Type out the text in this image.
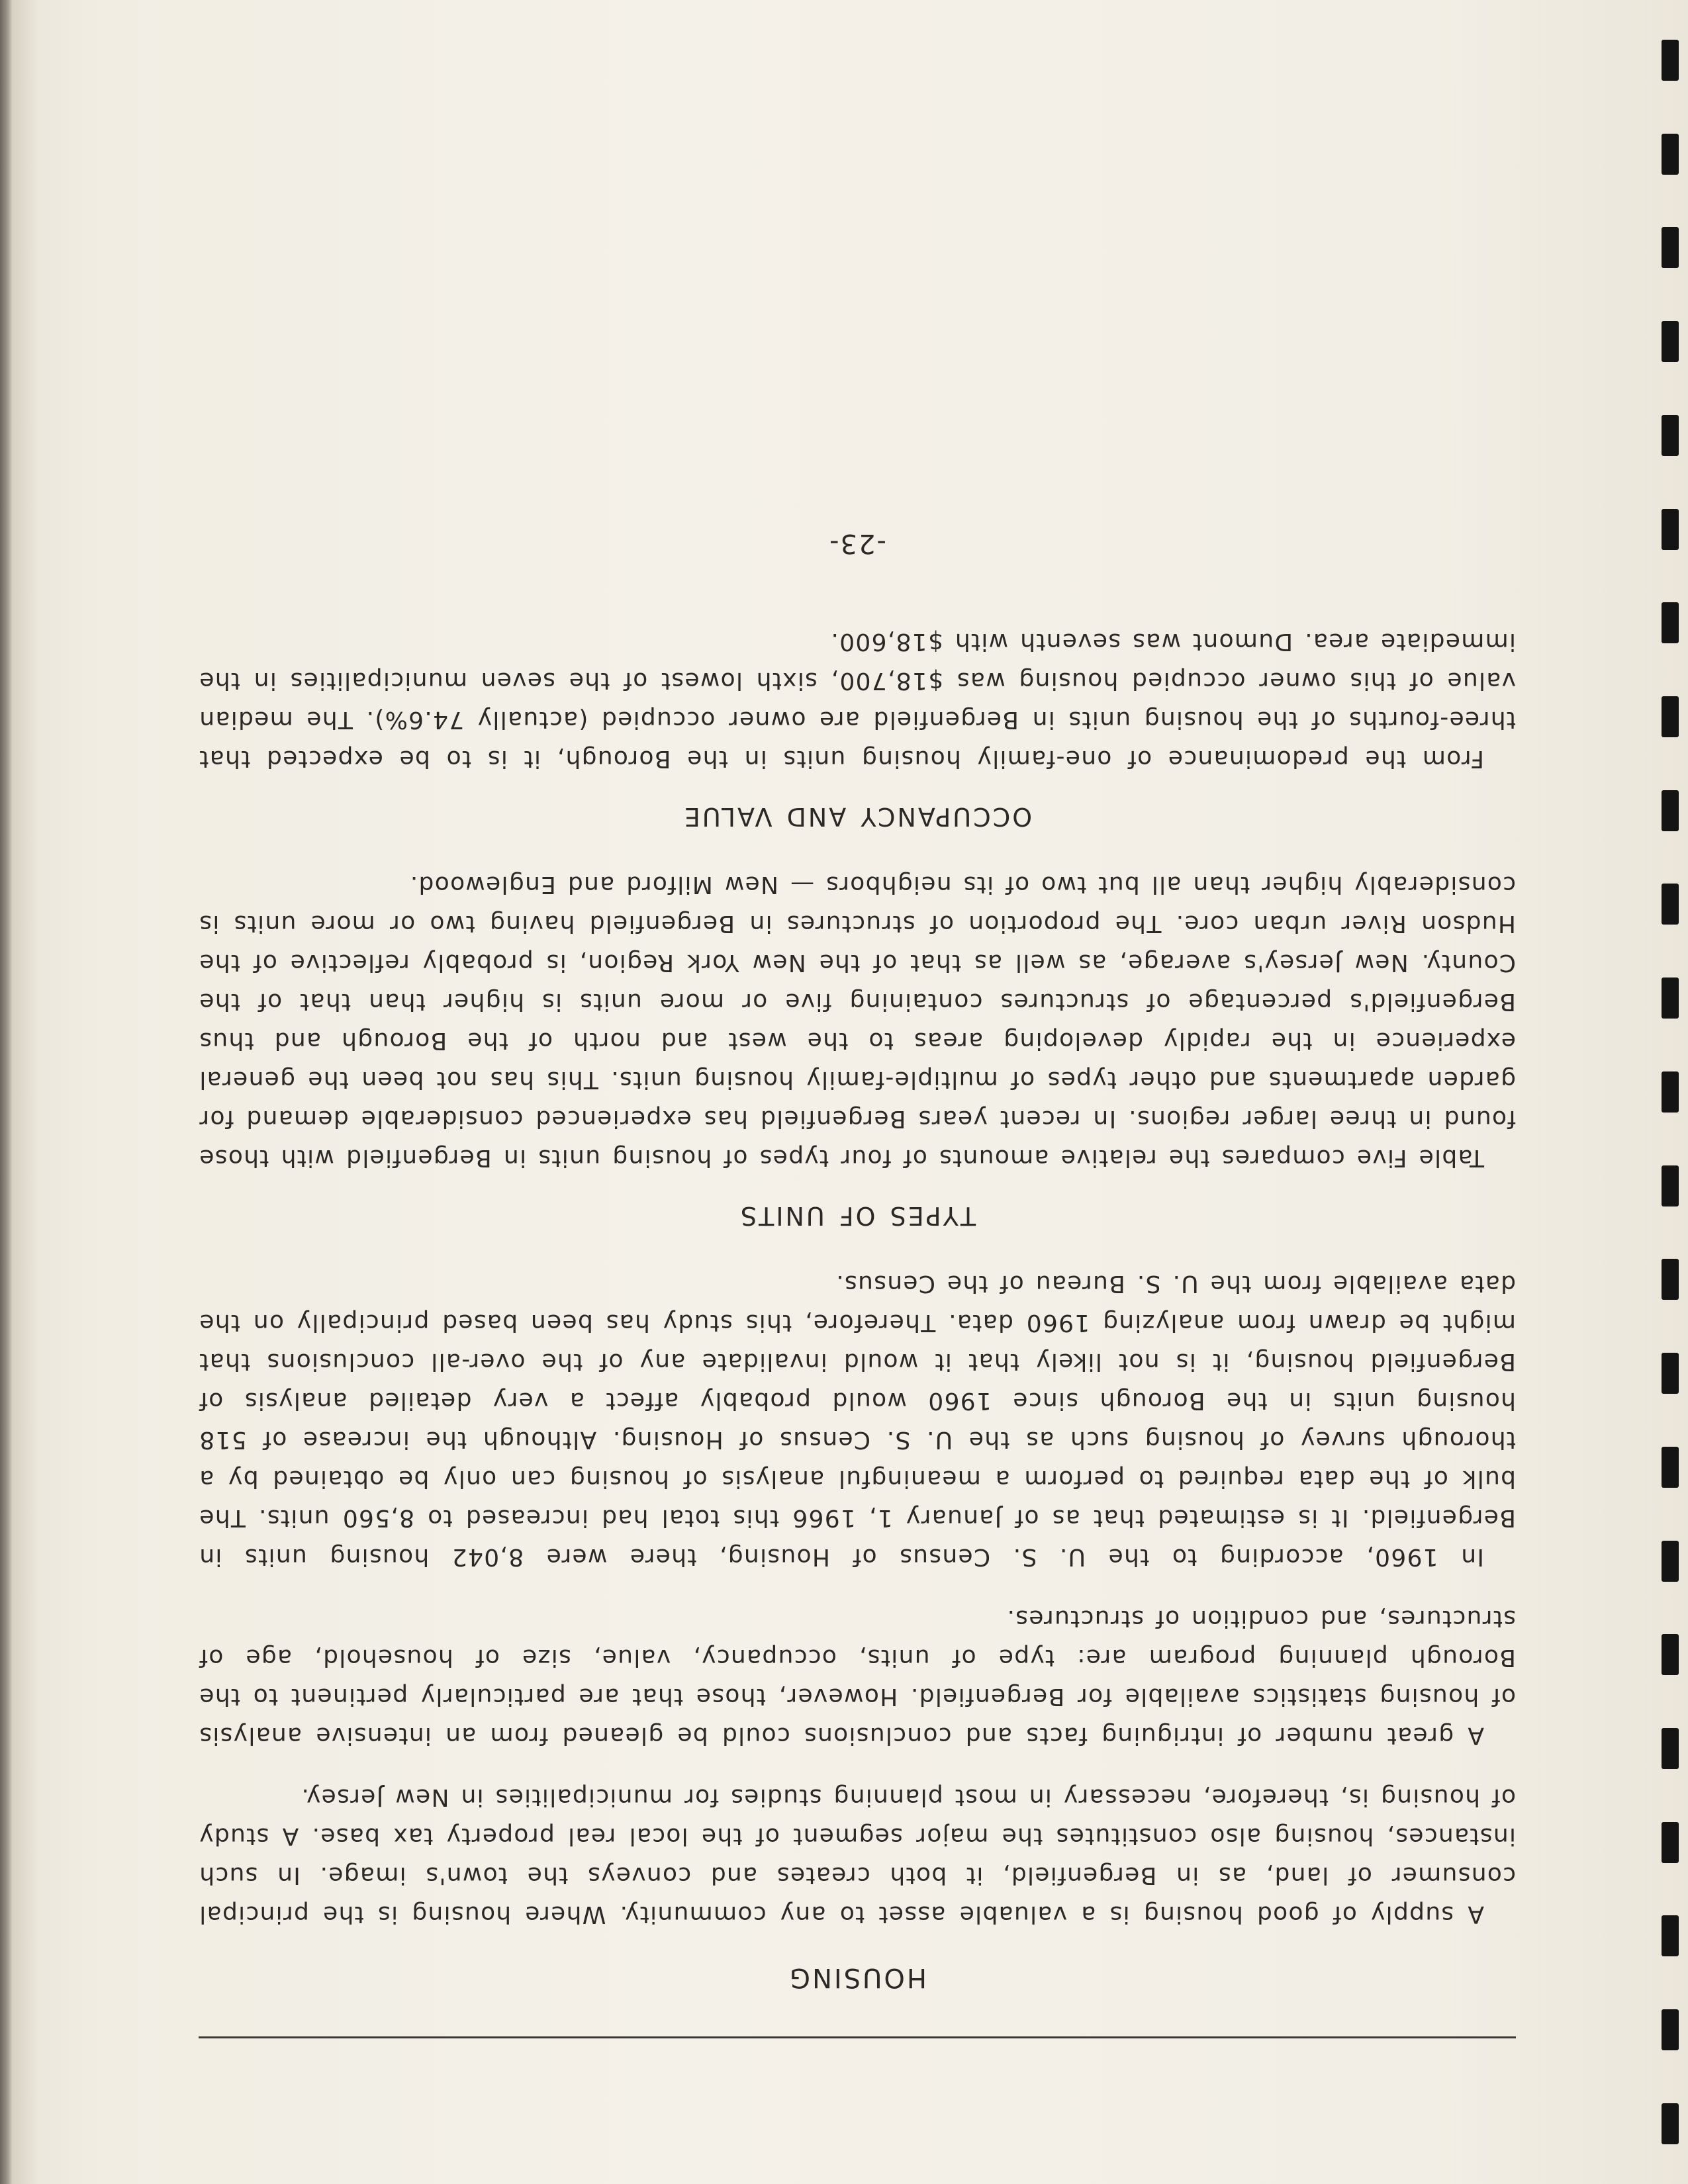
HOUSING

A supply of good housing is a valuable asset to any community. Where housing is the principal consumer of land, as in Bergenfield, it both creates and conveys the town's image. In such instances, housing also constitutes the major segment of the local real property tax base. A study of housing is, therefore, necessary in most planning studies for municipalities in New Jersey.

A great number of intriguing facts and conclusions could be gleaned from an intensive analysis of housing statistics available for Bergenfield. However, those that are particularly pertinent to the Borough planning program are: type of units, occupancy, value, size of household, age of structures, and condition of structures.

In 1960, according to the U. S. Census of Housing, there were 8,042 housing units in Bergenfield. It is estimated that as of January 1, 1966 this total had increased to 8,560 units. The bulk of the data required to perform a meaningful analysis of housing can only be obtained by a thorough survey of housing such as the U. S. Census of Housing. Although the increase of 518 housing units in the Borough since 1960 would probably affect a very detailed analysis of Bergenfield housing, it is not likely that it would invalidate any of the over-all conclusions that might be drawn from analyzing 1960 data. Therefore, this study has been based principally on the data available from the U. S. Bureau of the Census.

TYPES OF UNITS

Table Five compares the relative amounts of four types of housing units in Bergenfield with those found in three larger regions. In recent years Bergenfield has experienced considerable demand for garden apartments and other types of multiple-family housing units. This has not been the general experience in the rapidly developing areas to the west and north of the Borough and thus Bergenfield's percentage of structures containing five or more units is higher than that of the County. New Jersey's average, as well as that of the New York Region, is probably reflective of the Hudson River urban core. The proportion of structures in Bergenfield having two or more units is considerably higher than all but two of its neighbors — New Milford and Englewood.

OCCUPANCY AND VALUE

From the predominance of one-family housing units in the Borough, it is to be expected that three-fourths of the housing units in Bergenfield are owner occupied (actually 74.6%). The median value of this owner occupied housing was $18,700, sixth lowest of the seven municipalities in the immediate area. Dumont was seventh with $18,600.

-23-
